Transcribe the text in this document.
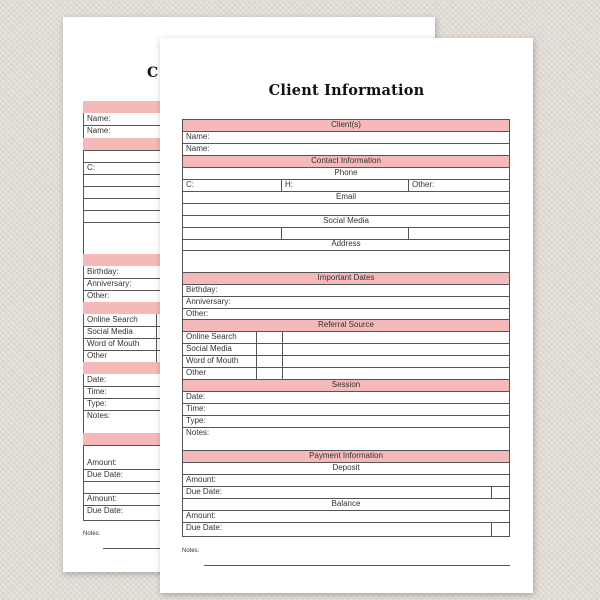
C
Name:
Name:
C:
Birthday:
Anniversary:
Other:
Online Search
Social Media
Word of Mouth
Other
Date:
Time:
Type:
Notes:
Amount:
Due Date:
Amount:
Due Date:
Notes:
Client Information
Client(s)
Name:
Name:
Contact Information
Phone
C:	H:	Other:
Email
Social Media
Address
Important Dates
Birthday:
Anniversary:
Other:
Referral Source
Online Search
Social Media
Word of Mouth
Other
Session
Date:
Time:
Type:
Notes:
Payment Information
Deposit
Amount:
Due Date:
Balance
Amount:
Due Date:
Notes:
